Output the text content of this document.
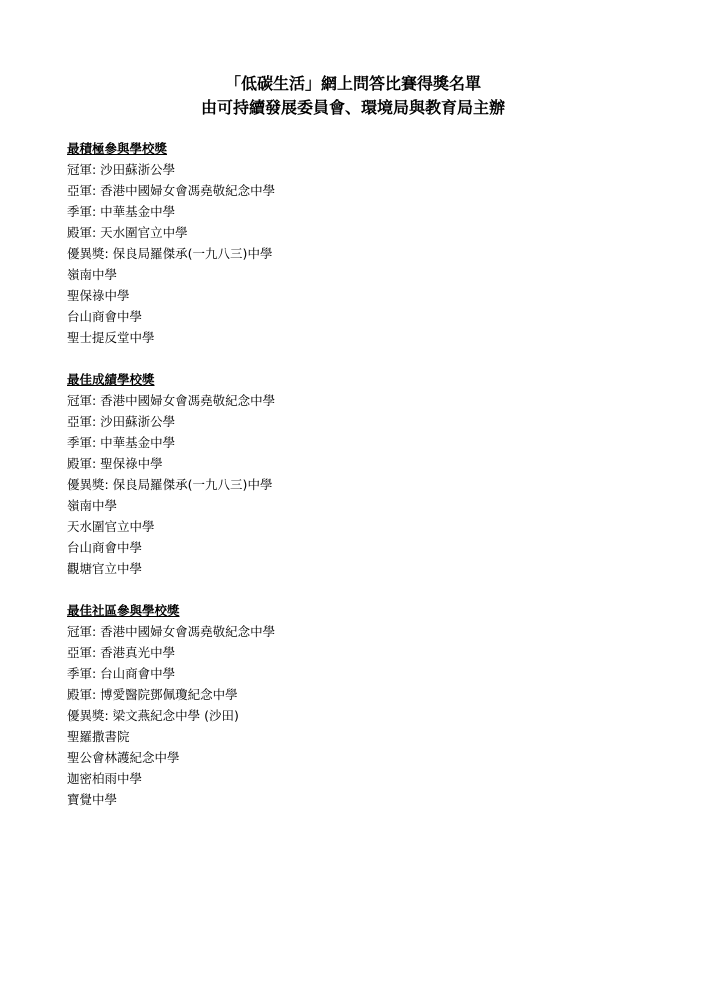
「低碳生活」網上問答比賽得獎名單
由可持續發展委員會、環境局與教育局主辦
最積極參與學校獎
冠軍: 沙田蘇浙公學
亞軍: 香港中國婦女會馮堯敬紀念中學
季軍: 中華基金中學
殿軍: 天水圍官立中學
優異獎: 保良局羅傑承(一九八三)中學
嶺南中學
聖保祿中學
台山商會中學
聖士提反堂中學
最佳成績學校獎
冠軍: 香港中國婦女會馮堯敬紀念中學
亞軍: 沙田蘇浙公學
季軍: 中華基金中學
殿軍: 聖保祿中學
優異獎: 保良局羅傑承(一九八三)中學
嶺南中學
天水圍官立中學
台山商會中學
觀塘官立中學
最佳社區參與學校獎
冠軍: 香港中國婦女會馮堯敬紀念中學
亞軍: 香港真光中學
季軍: 台山商會中學
殿軍: 博愛醫院鄧佩瓊紀念中學
優異獎: 梁文燕紀念中學 (沙田)
聖羅撒書院
聖公會林護紀念中學
迦密柏雨中學
寶覺中學
